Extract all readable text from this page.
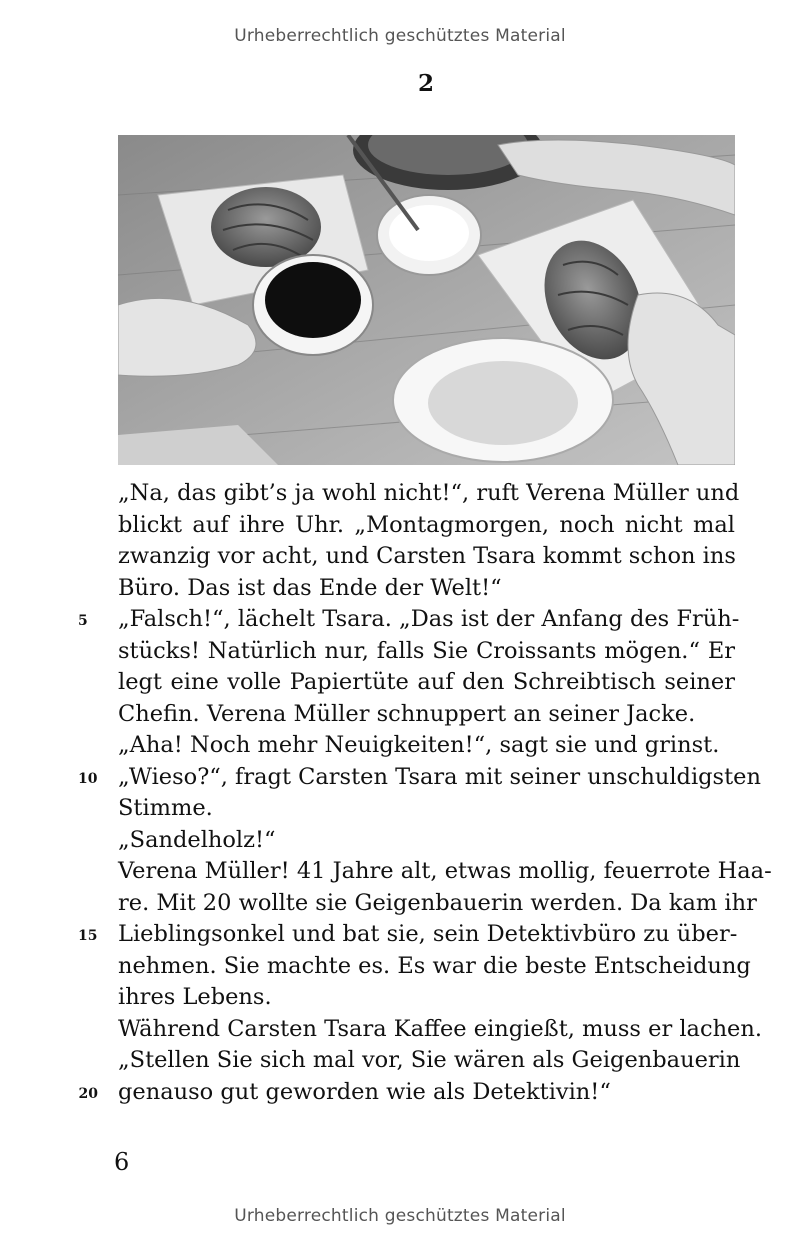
Urheberrechtlich geschütztes Material
2
„Na, das gibt’s ja wohl nicht!“, ruft Verena Müller und
blickt auf ihre Uhr. „Montagmorgen, noch nicht mal
zwanzig vor acht, und Carsten Tsara kommt schon ins
Büro. Das ist das Ende der Welt!“
5	„Falsch!“, lächelt Tsara. „Das ist der Anfang des Früh-
stücks! Natürlich nur, falls Sie Croissants mögen.“ Er
legt eine volle Papiertüte auf den Schreibtisch seiner
Chefin. Verena Müller schnuppert an seiner Jacke.
„Aha! Noch mehr Neuigkeiten!“, sagt sie und grinst.
10 „Wieso?“, fragt Carsten Tsara mit seiner unschuldigsten
Stimme.
„Sandelholz!“
Verena Müller! 41 Jahre alt, etwas mollig, feuerrote Haa-
re. Mit 20 wollte sie Geigenbauerin werden. Da kam ihr
15 Lieblingsonkel und bat sie, sein Detektivbüro zu über-
nehmen. Sie machte es. Es war die beste Entscheidung
ihres Lebens.
Während Carsten Tsara Kaffee eingießt, muss er lachen.
„Stellen Sie sich mal vor, Sie wären als Geigenbauerin
20 genauso gut geworden wie als Detektivin!“
6
Urheberrechtlich geschütztes Material
